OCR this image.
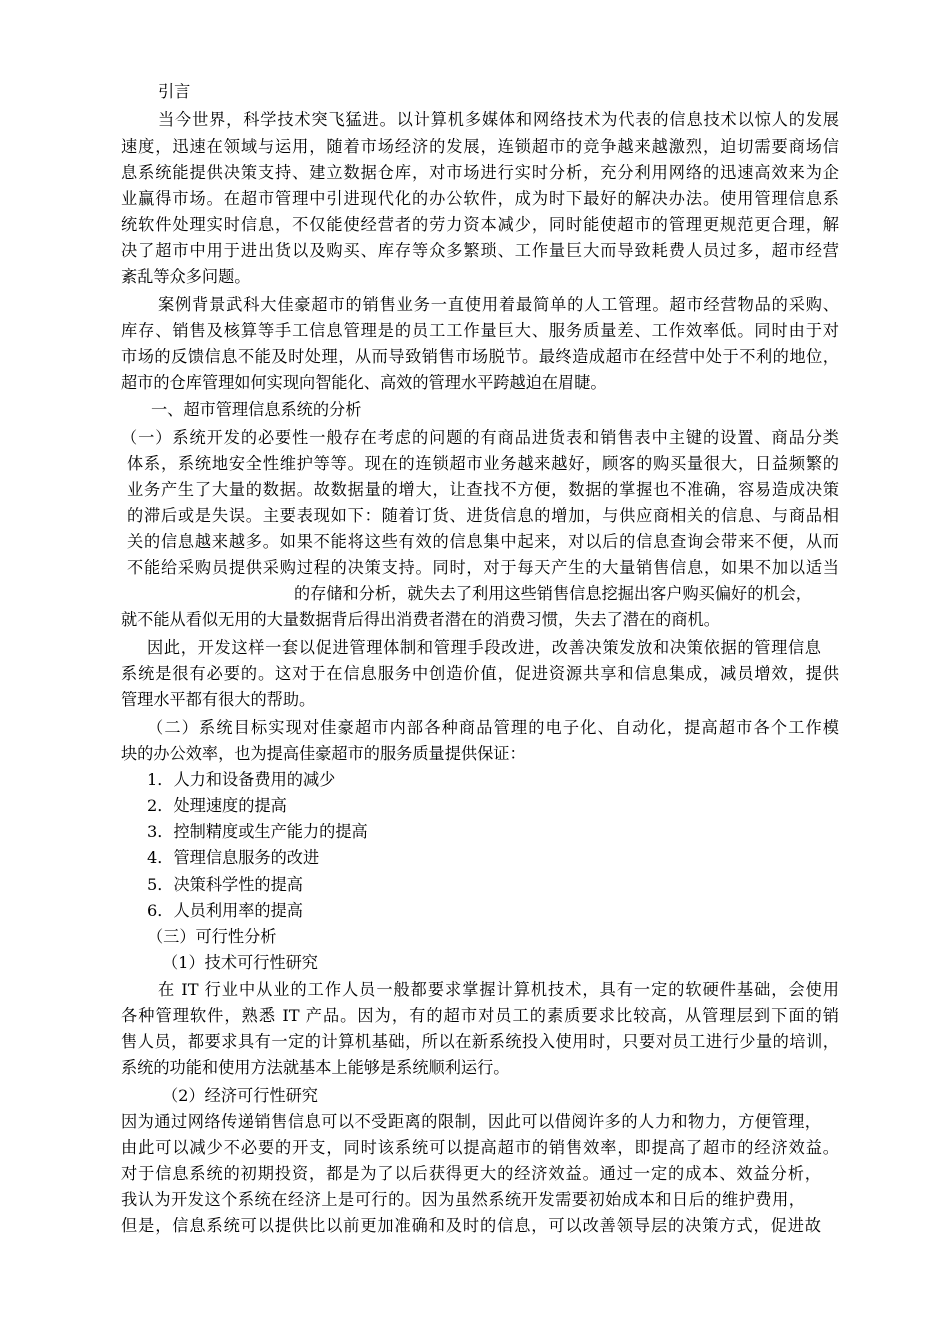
引言
当今世界，科学技术突飞猛进。以计算机多媒体和网络技术为代表的信息技术以惊人的发展
速度，迅速在领域与运用，随着市场经济的发展，连锁超市的竞争越来越激烈，迫切需要商场信
息系统能提供决策支持、建立数据仓库，对市场进行实时分析，充分利用网络的迅速高效来为企
业赢得市场。在超市管理中引进现代化的办公软件，成为时下最好的解决办法。使用管理信息系
统软件处理实时信息，不仅能使经营者的劳力资本减少，同时能使超市的管理更规范更合理，解
决了超市中用于进出货以及购买、库存等众多繁琐、工作量巨大而导致耗费人员过多，超市经营
紊乱等众多问题。
案例背景武科大佳豪超市的销售业务一直使用着最简单的人工管理。超市经营物品的采购、
库存、销售及核算等手工信息管理是的员工工作量巨大、服务质量差、工作效率低。同时由于对
市场的反馈信息不能及时处理，从而导致销售市场脱节。最终造成超市在经营中处于不利的地位，
超市的仓库管理如何实现向智能化、高效的管理水平跨越迫在眉睫。
一、超市管理信息系统的分析
（一）系统开发的必要性一般存在考虑的问题的有商品进货表和销售表中主键的设置、商品分类
体系，系统地安全性维护等等。现在的连锁超市业务越来越好，顾客的购买量很大，日益频繁的
业务产生了大量的数据。故数据量的增大，让查找不方便，数据的掌握也不准确，容易造成决策
的滞后或是失误。主要表现如下：随着订货、进货信息的增加，与供应商相关的信息、与商品相
关的信息越来越多。如果不能将这些有效的信息集中起来，对以后的信息查询会带来不便，从而
不能给采购员提供采购过程的决策支持。同时，对于每天产生的大量销售信息，如果不加以适当
的存储和分析，就失去了利用这些销售信息挖掘出客户购买偏好的机会，
就不能从看似无用的大量数据背后得出消费者潜在的消费习惯，失去了潜在的商机。
因此，开发这样一套以促进管理体制和管理手段改进，改善决策发放和决策依据的管理信息
系统是很有必要的。这对于在信息服务中创造价值，促进资源共享和信息集成，减员增效，提供
管理水平都有很大的帮助。
（二）系统目标实现对佳豪超市内部各种商品管理的电子化、自动化，提高超市各个工作模
块的办公效率，也为提高佳豪超市的服务质量提供保证：
1．人力和设备费用的减少
2．处理速度的提高
3．控制精度或生产能力的提高
4．管理信息服务的改进
5．决策科学性的提高
6．人员利用率的提高
（三）可行性分析
（1）技术可行性研究
在 IT 行业中从业的工作人员一般都要求掌握计算机技术，具有一定的软硬件基础，会使用
各种管理软件，熟悉 IT 产品。因为，有的超市对员工的素质要求比较高，从管理层到下面的销
售人员，都要求具有一定的计算机基础，所以在新系统投入使用时，只要对员工进行少量的培训，
系统的功能和使用方法就基本上能够是系统顺利运行。
（2）经济可行性研究
因为通过网络传递销售信息可以不受距离的限制，因此可以借阅许多的人力和物力，方便管理，
由此可以减少不必要的开支，同时该系统可以提高超市的销售效率，即提高了超市的经济效益。
对于信息系统的初期投资，都是为了以后获得更大的经济效益。通过一定的成本、效益分析，
我认为开发这个系统在经济上是可行的。因为虽然系统开发需要初始成本和日后的维护费用，
但是，信息系统可以提供比以前更加准确和及时的信息，可以改善领导层的决策方式，促进故
